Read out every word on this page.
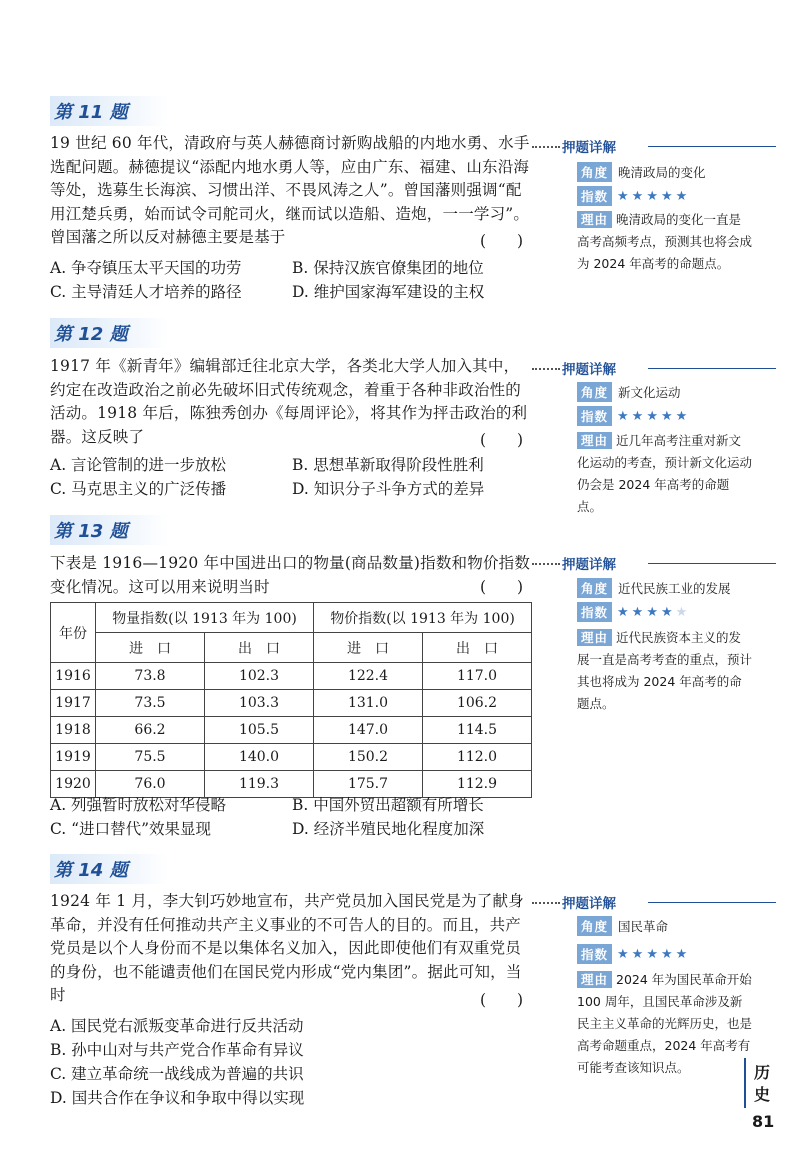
第 11 题

19 世纪 60 年代，清政府与英人赫德商讨新购战船的内地水勇、水手选配问题。赫德提议“添配内地水勇人等，应由广东、福建、山东沿海等处，选募生长海滨、习惯出洋、不畏风涛之人”。曾国藩则强调“配用江楚兵勇，始而试令司舵司火，继而试以造船、造炮，一一学习”。曾国藩之所以反对赫德主要是基于	(　　)
A. 争夺镇压太平天国的功劳	B. 保持汉族官僚集团的地位
C. 主导清廷人才培养的路径	D. 维护国家海军建设的主权
押题详解
角度 晚清政局的变化
指数 ★★★★★
理由 晚清政局的变化一直是高考高频考点，预测其也将会成为 2024 年高考的命题点。
第 12 题

1917 年《新青年》编辑部迁往北京大学，各类北大学人加入其中，约定在改造政治之前必先破坏旧式传统观念，着重于各种非政治性的活动。1918 年后，陈独秀创办《每周评论》，将其作为抨击政治的利器。这反映了	(　　)
A. 言论管制的进一步放松	B. 思想革新取得阶段性胜利
C. 马克思主义的广泛传播	D. 知识分子斗争方式的差异
押题详解
角度 新文化运动
指数 ★★★★★
理由 近几年高考注重对新文化运动的考查，预计新文化运动仍会是 2024 年高考的命题点。
第 13 题

下表是 1916—1920 年中国进出口的物量(商品数量)指数和物价指数变化情况。这可以用来说明当时	(　　)
年份	物量指数(以 1913 年为 100)		物价指数(以 1913 年为 100)	
	进　口	出　口	进　口	出　口
1916	73.8	102.3	122.4	117.0
1917	73.5	103.3	131.0	106.2
1918	66.2	105.5	147.0	114.5
1919	75.5	140.0	150.2	112.0
1920	76.0	119.3	175.7	112.9
A. 列强暂时放松对华侵略	B. 中国外贸出超额有所增长
C. “进口替代”效果显现	D. 经济半殖民地化程度加深
押题详解
角度 近代民族工业的发展
指数 ★★★★★
理由 近代民族资本主义的发展一直是高考考查的重点，预计其也将成为 2024 年高考的命题点。
第 14 题

1924 年 1 月，李大钊巧妙地宣布，共产党员加入国民党是为了献身革命，并没有任何推动共产主义事业的不可告人的目的。而且，共产党员是以个人身份而不是以集体名义加入，因此即使他们有双重党员的身份，也不能谴责他们在国民党内形成“党内集团”。据此可知，当时	(　　)
A. 国民党右派叛变革命进行反共活动
B. 孙中山对与共产党合作革命有异议
C. 建立革命统一战线成为普遍的共识
D. 国共合作在争议和争取中得以实现
押题详解
角度 国民革命
指数 ★★★★★
理由 2024 年为国民革命开始 100 周年，且国民革命涉及新民主主义革命的光辉历史，也是高考命题重点，2024 年高考有可能考查该知识点。	历
史
81
